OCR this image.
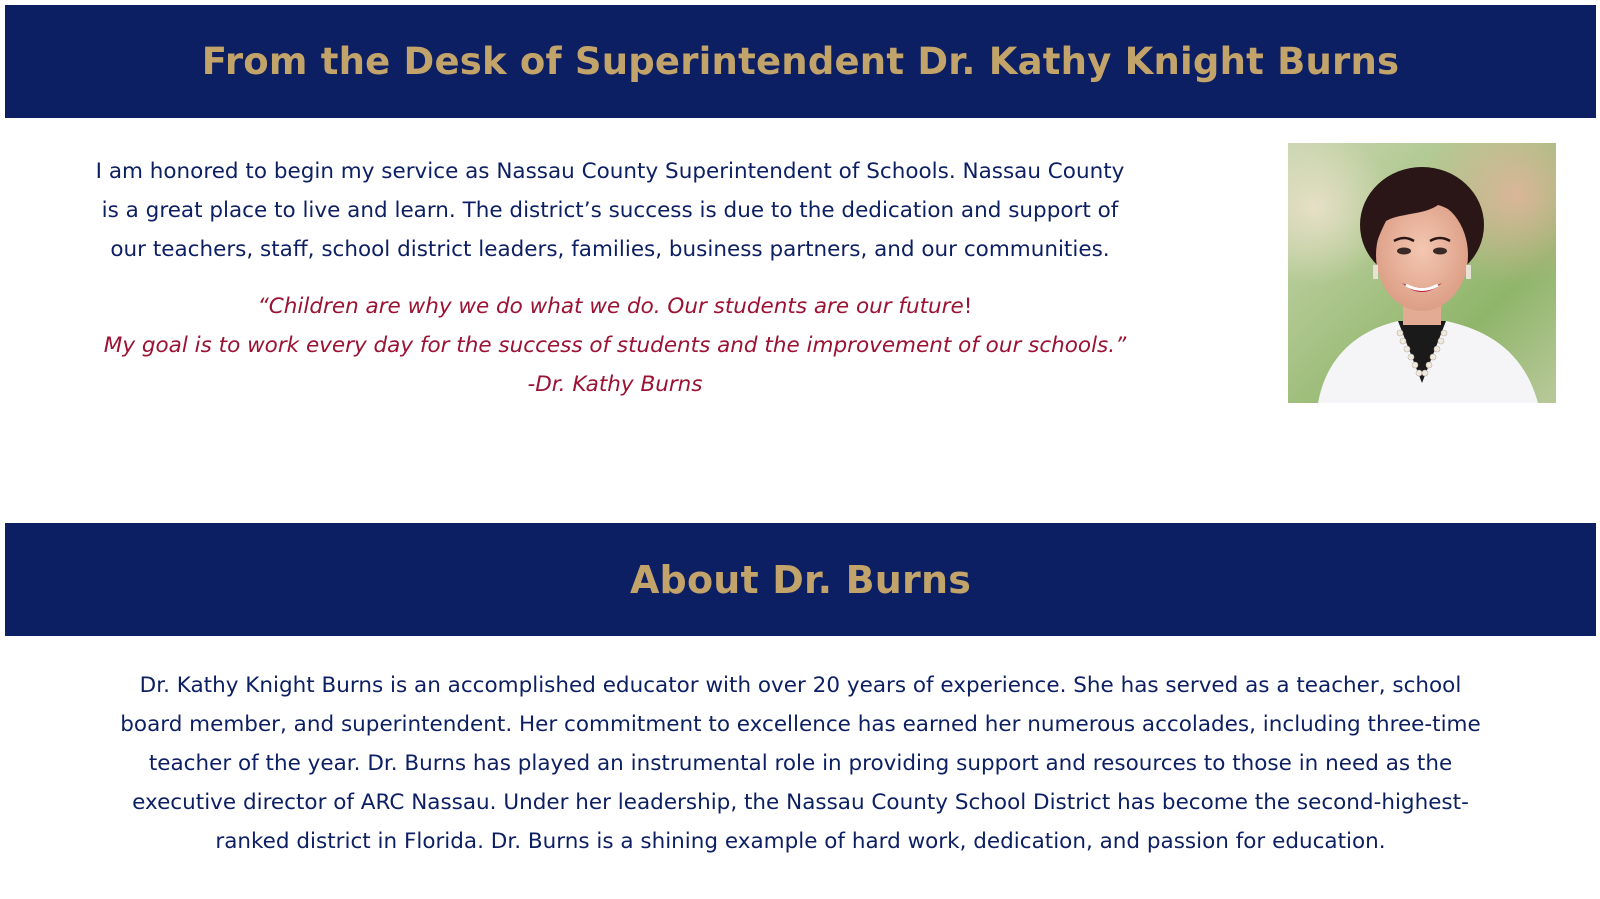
From the Desk of Superintendent Dr. Kathy Knight Burns

I am honored to begin my service as Nassau County Superintendent of Schools. Nassau County
is a great place to live and learn. The district’s success is due to the dedication and support of
our teachers, staff, school district leaders, families, business partners, and our communities.

“Children are why we do what we do. Our students are our future!
My goal is to work every day for the success of students and the improvement of our schools.”
-Dr. Kathy Burns

About Dr. Burns

Dr. Kathy Knight Burns is an accomplished educator with over 20 years of experience. She has served as a teacher, school
board member, and superintendent. Her commitment to excellence has earned her numerous accolades, including three-time
teacher of the year. Dr. Burns has played an instrumental role in providing support and resources to those in need as the
executive director of ARC Nassau. Under her leadership, the Nassau County School District has become the second-highest-
ranked district in Florida. Dr. Burns is a shining example of hard work, dedication, and passion for education.
